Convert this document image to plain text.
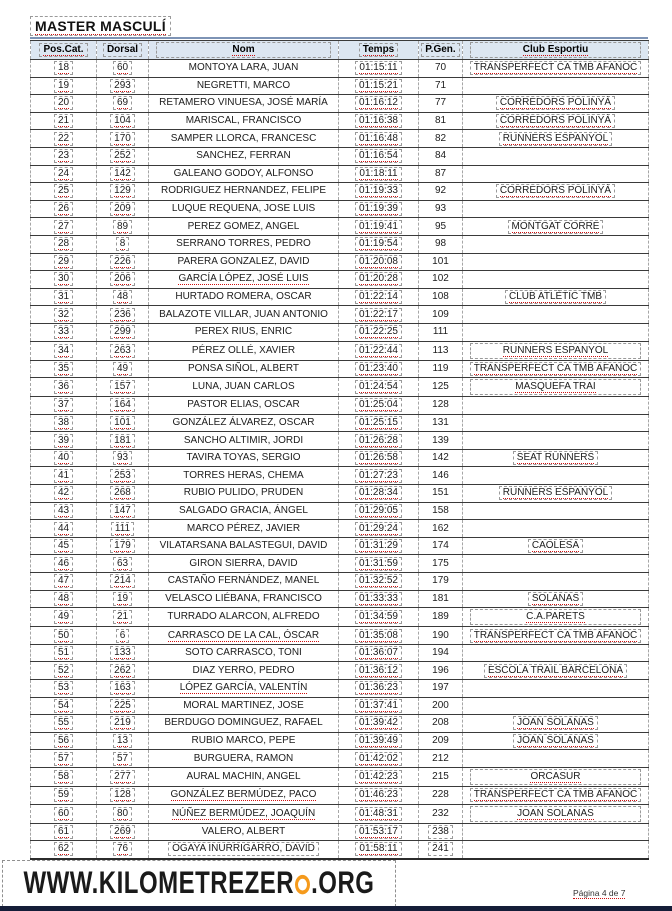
MASTER MASCULÍ
Pos.Cat.	Dorsal	Nom	Temps	P.Gen.	Club Esportiu

18	60	MONTOYA LARA, JUAN	01:15:11	70	TRANSPERFECT CA TMB AFANOC
19	293	NEGRETTI, MARCO	01:15:21	71	
20	69	RETAMERO VINUESA, JOSÉ MARÍA	01:16:12	77	CORREDORS POLINYÀ
21	104	MARISCAL, FRANCISCO	01:16:38	81	CORREDORS POLINYÀ
22	170	SAMPER LLORCA, FRANCESC	01:16:48	82	RUNNERS ESPANYOL
23	252	SANCHEZ, FERRAN	01:16:54	84	
24	142	GALEANO GODOY, ALFONSO	01:18:11	87	
25	129	RODRIGUEZ HERNANDEZ, FELIPE	01:19:33	92	CORREDORS POLINYÀ
26	209	LUQUE REQUENA, JOSE LUIS	01:19:39	93	
27	89	PEREZ GOMEZ, ANGEL	01:19:41	95	MONTGAT CORRE
28	8	SERRANO TORRES, PEDRO	01:19:54	98	
29	226	PARERA GONZALEZ, DAVID	01:20:08	101	
30	206	GARCÍA LÓPEZ, JOSÉ LUIS	01:20:28	102	
31	48	HURTADO ROMERA, OSCAR	01:22:14	108	CLUB ATLÈTIC TMB
32	236	BALAZOTE VILLAR, JUAN ANTONIO	01:22:17	109	
33	299	PEREX RIUS, ENRIC	01:22:25	111	
34	263	PÉREZ OLLÉ, XAVIER	01:22:44	113	RUNNERS ESPANYOL

35	49	PONSA SIÑOL, ALBERT	01:23:40	119	TRANSPERFECT CA TMB AFANOC
36	157	LUNA, JUAN CARLOS	01:24:54	125	MASQUEFA TRAI

37	164	PASTOR ELIAS, OSCAR	01:25:04	128	
38	101	GONZÁLEZ ÁLVAREZ, OSCAR	01:25:15	131	
39	181	SANCHO ALTIMIR, JORDI	01:26:28	139	
40	93	TAVIRA TOYAS, SERGIO	01:26:58	142	SEAT RUNNERS
41	253	TORRES HERAS, CHEMA	01:27:23	146	
42	268	RUBIO PULIDO, PRUDEN	01:28:34	151	RUNNERS ESPANYOL
43	147	SALGADO GRACIA, ÁNGEL	01:29:05	158	
44	111	MARCO PÉREZ, JAVIER	01:29:24	162	
45	179	VILATARSANA BALASTEGUI, DAVID	01:31:29	174	CAOLESA
46	63	GIRON SIERRA, DAVID	01:31:59	175	
47	214	CASTAÑO FERNÁNDEZ, MANEL	01:32:52	179	
48	19	VELASCO LIÉBANA, FRANCISCO	01:33:33	181	SOLANAS
49	21	TURRADO ALARCON, ALFREDO	01:34:59	189	C.A.PARETS

50	6	CARRASCO DE LA CAL, ÓSCAR	01:35:08	190	TRANSPERFECT CA TMB AFANOC
51	133	SOTO CARRASCO, TONI	01:36:07	194	
52	262	DIAZ YERRO, PEDRO	01:36:12	196	ESCOLA TRAIL BARCELONA
53	163	LÓPEZ GARCÍA, VALENTÍN	01:36:23	197	
54	225	MORAL MARTINEZ, JOSE	01:37:41	200	
55	219	BERDUGO DOMINGUEZ, RAFAEL	01:39:42	208	JOAN SOLANAS
56	13	RUBIO MARCO, PEPE	01:39:49	209	JOAN SOLANAS
57	57	BURGUERA, RAMON	01:42:02	212	
58	277	AURAL MACHIN, ANGEL	01:42:23	215	ORCASUR

59	128	GONZÁLEZ BERMÚDEZ, PACO	01:46:23	228	TRANSPERFECT CA TMB AFANOC
60	80	NÚÑEZ BERMÚDEZ, JOAQUÍN	01:48:31	232	JOAN SOLANAS

61	269	VALERO, ALBERT	01:53:17	238	
62	76	OGAYA INURRIGARRO, DAVID	01:58:11	241	
WWW.KILOMETREZER .ORG	Página 4 de 7
